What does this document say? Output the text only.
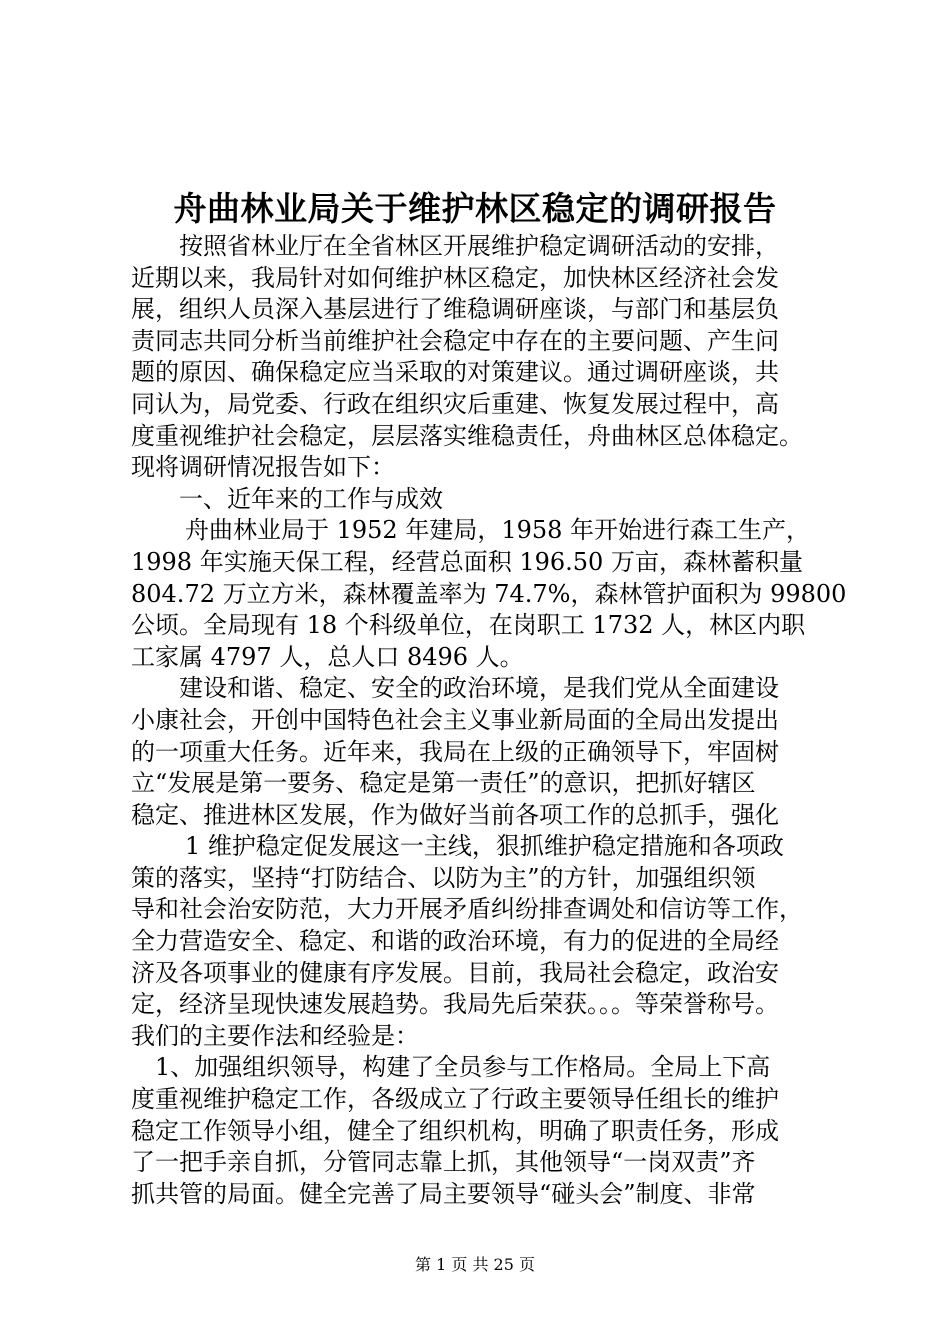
舟曲林业局关于维护林区稳定的调研报告
按照省林业厅在全省林区开展维护稳定调研活动的安排，
近期以来，我局针对如何维护林区稳定，加快林区经济社会发
展，组织人员深入基层进行了维稳调研座谈，与部门和基层负
责同志共同分析当前维护社会稳定中存在的主要问题、产生问
题的原因、确保稳定应当采取的对策建议。通过调研座谈，共
同认为，局党委、行政在组织灾后重建、恢复发展过程中，高
度重视维护社会稳定，层层落实维稳责任，舟曲林区总体稳定。
现将调研情况报告如下：
一、近年来的工作与成效
舟曲林业局于 1952 年建局，1958 年开始进行森工生产，
1998 年实施天保工程，经营总面积 196.50 万亩，森林蓄积量
804.72 万立方米，森林覆盖率为 74.7%，森林管护面积为 99800
公顷。全局现有 18 个科级单位，在岗职工 1732 人，林区内职
工家属 4797 人，总人口 8496 人。
建设和谐、稳定、安全的政治环境，是我们党从全面建设
小康社会，开创中国特色社会主义事业新局面的全局出发提出
的一项重大任务。近年来，我局在上级的正确领导下，牢固树
立“发展是第一要务、稳定是第一责任”的意识，把抓好辖区
稳定、推进林区发展，作为做好当前各项工作的总抓手，强化
1 维护稳定促发展这一主线，狠抓维护稳定措施和各项政
策的落实，坚持“打防结合、以防为主”的方针，加强组织领
导和社会治安防范，大力开展矛盾纠纷排查调处和信访等工作，
全力营造安全、稳定、和谐的政治环境，有力的促进的全局经
济及各项事业的健康有序发展。目前，我局社会稳定，政治安
定，经济呈现快速发展趋势。我局先后荣获。。。等荣誉称号。
我们的主要作法和经验是：
1、加强组织领导，构建了全员参与工作格局。全局上下高
度重视维护稳定工作，各级成立了行政主要领导任组长的维护
稳定工作领导小组，健全了组织机构，明确了职责任务，形成
了一把手亲自抓，分管同志靠上抓，其他领导“一岗双责”齐
抓共管的局面。健全完善了局主要领导“碰头会”制度、非常
第 1 页 共 25 页
